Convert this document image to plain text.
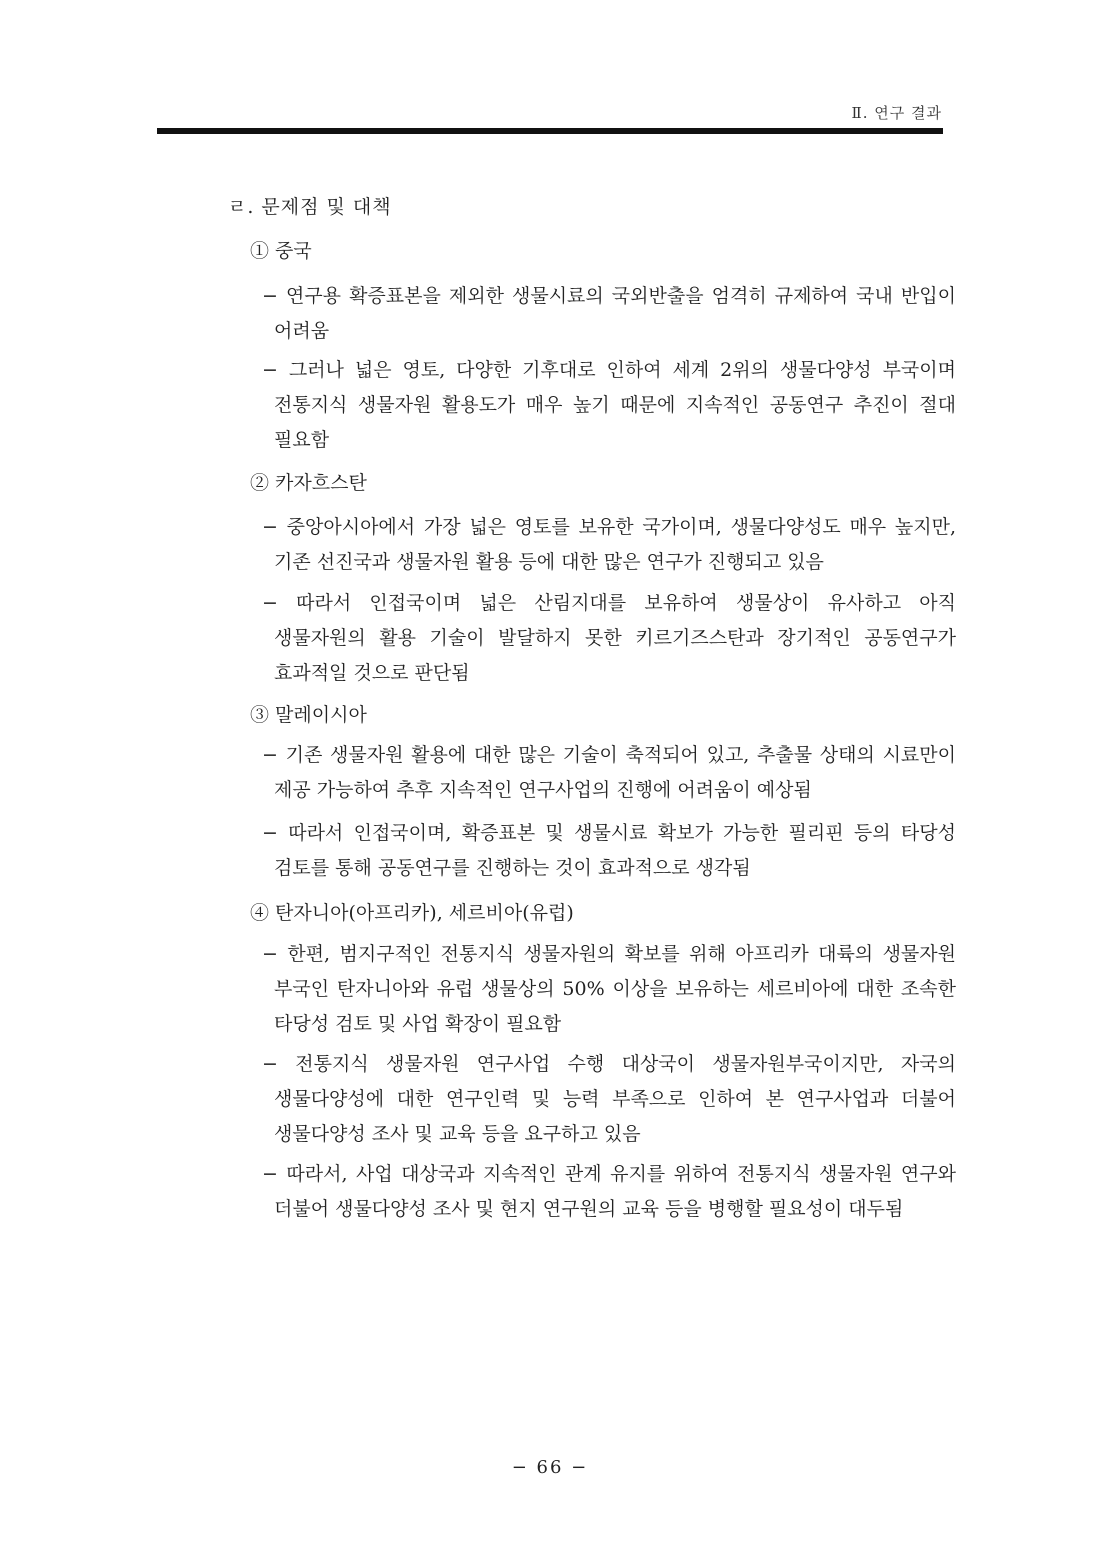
Ⅱ. 연구 결과
ㄹ. 문제점 및 대책
① 중국
− 연구용 확증표본을 제외한 생물시료의 국외반출을 엄격히 규제하여 국내 반입이 어려움
− 그러나 넓은 영토, 다양한 기후대로 인하여 세계 2위의 생물다양성 부국이며 전통지식 생물자원 활용도가 매우 높기 때문에 지속적인 공동연구 추진이 절대 필요함
② 카자흐스탄
− 중앙아시아에서 가장 넓은 영토를 보유한 국가이며, 생물다양성도 매우 높지만, 기존 선진국과 생물자원 활용 등에 대한 많은 연구가 진행되고 있음
− 따라서 인접국이며 넓은 산림지대를 보유하여 생물상이 유사하고 아직 생물자원의 활용 기술이 발달하지 못한 키르기즈스탄과 장기적인 공동연구가 효과적일 것으로 판단됨
③ 말레이시아
− 기존 생물자원 활용에 대한 많은 기술이 축적되어 있고, 추출물 상태의 시료만이 제공 가능하여 추후 지속적인 연구사업의 진행에 어려움이 예상됨
− 따라서 인접국이며, 확증표본 및 생물시료 확보가 가능한 필리핀 등의 타당성 검토를 통해 공동연구를 진행하는 것이 효과적으로 생각됨
④ 탄자니아(아프리카), 세르비아(유럽)
− 한편, 범지구적인 전통지식 생물자원의 확보를 위해 아프리카 대륙의 생물자원 부국인 탄자니아와 유럽 생물상의 50% 이상을 보유하는 세르비아에 대한 조속한 타당성 검토 및 사업 확장이 필요함
− 전통지식 생물자원 연구사업 수행 대상국이 생물자원부국이지만, 자국의 생물다양성에 대한 연구인력 및 능력 부족으로 인하여 본 연구사업과 더불어 생물다양성 조사 및 교육 등을 요구하고 있음
− 따라서, 사업 대상국과 지속적인 관계 유지를 위하여 전통지식 생물자원 연구와 더불어 생물다양성 조사 및 현지 연구원의 교육 등을 병행할 필요성이 대두됨
− 66 −
